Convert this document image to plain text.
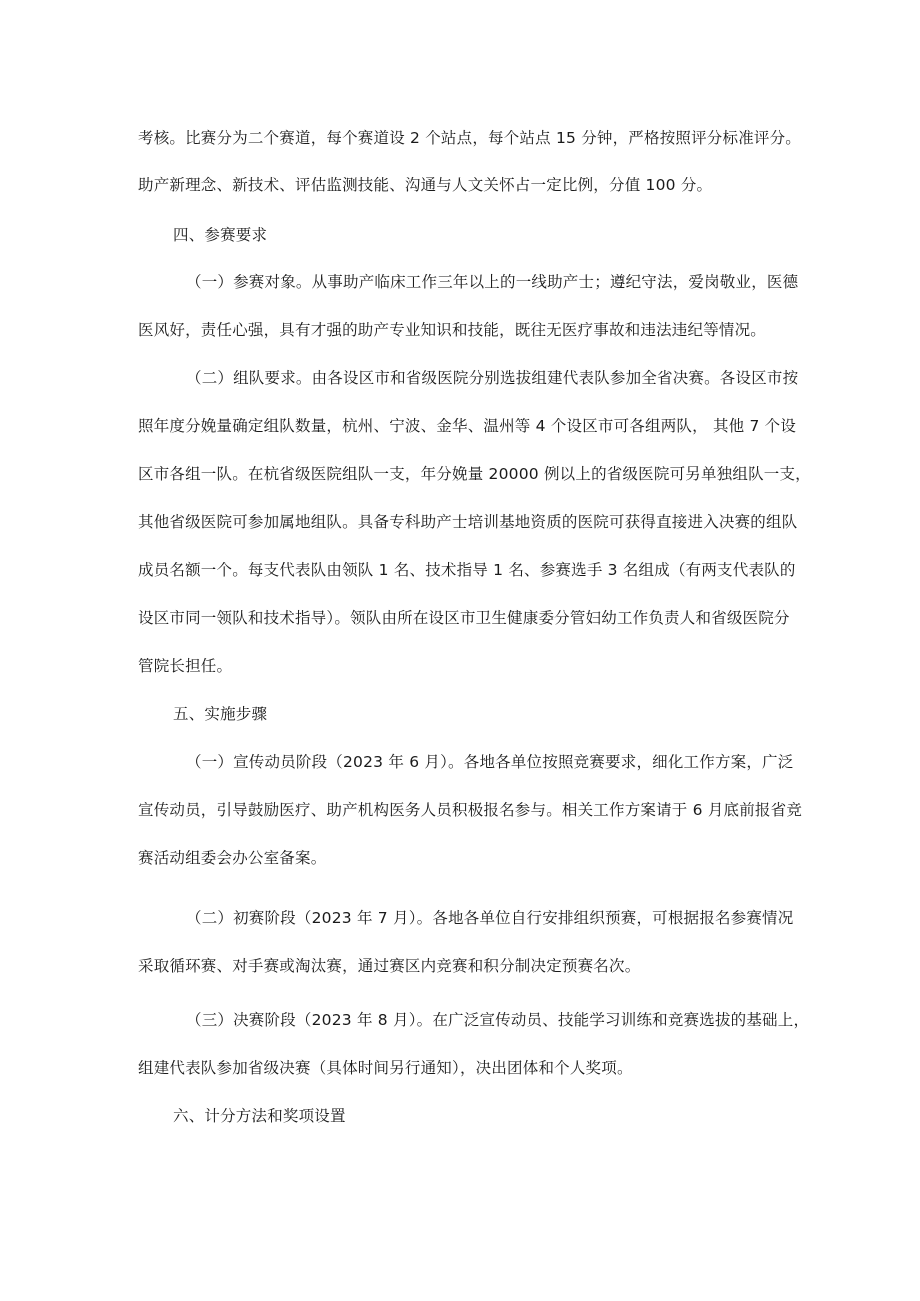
考核。比赛分为二个赛道，每个赛道设 2 个站点，每个站点 15 分钟，严格按照评分标准评分。
助产新理念、新技术、评估监测技能、沟通与人文关怀占一定比例，分值 100 分。
四、参赛要求
（一）参赛对象。从事助产临床工作三年以上的一线助产士；遵纪守法，爱岗敬业，医德
医风好，责任心强，具有才强的助产专业知识和技能，既往无医疗事故和违法违纪等情况。
（二）组队要求。由各设区市和省级医院分别选拔组建代表队参加全省决赛。各设区市按
照年度分娩量确定组队数量，杭州、宁波、金华、温州等 4 个设区市可各组两队， 其他 7 个设
区市各组一队。在杭省级医院组队一支，年分娩量 20000 例以上的省级医院可另单独组队一支，
其他省级医院可参加属地组队。具备专科助产士培训基地资质的医院可获得直接进入决赛的组队
成员名额一个。每支代表队由领队 1 名、技术指导 1 名、参赛选手 3 名组成（有两支代表队的
设区市同一领队和技术指导）。领队由所在设区市卫生健康委分管妇幼工作负责人和省级医院分
管院长担任。
五、实施步骤
（一）宣传动员阶段（2023 年 6 月）。各地各单位按照竞赛要求，细化工作方案，广泛
宣传动员，引导鼓励医疗、助产机构医务人员积极报名参与。相关工作方案请于 6 月底前报省竞
赛活动组委会办公室备案。
（二）初赛阶段（2023 年 7 月）。各地各单位自行安排组织预赛，可根据报名参赛情况
采取循环赛、对手赛或淘汰赛，通过赛区内竞赛和积分制决定预赛名次。
（三）决赛阶段（2023 年 8 月）。在广泛宣传动员、技能学习训练和竞赛选拔的基础上，
组建代表队参加省级决赛（具体时间另行通知），决出团体和个人奖项。
六、计分方法和奖项设置
